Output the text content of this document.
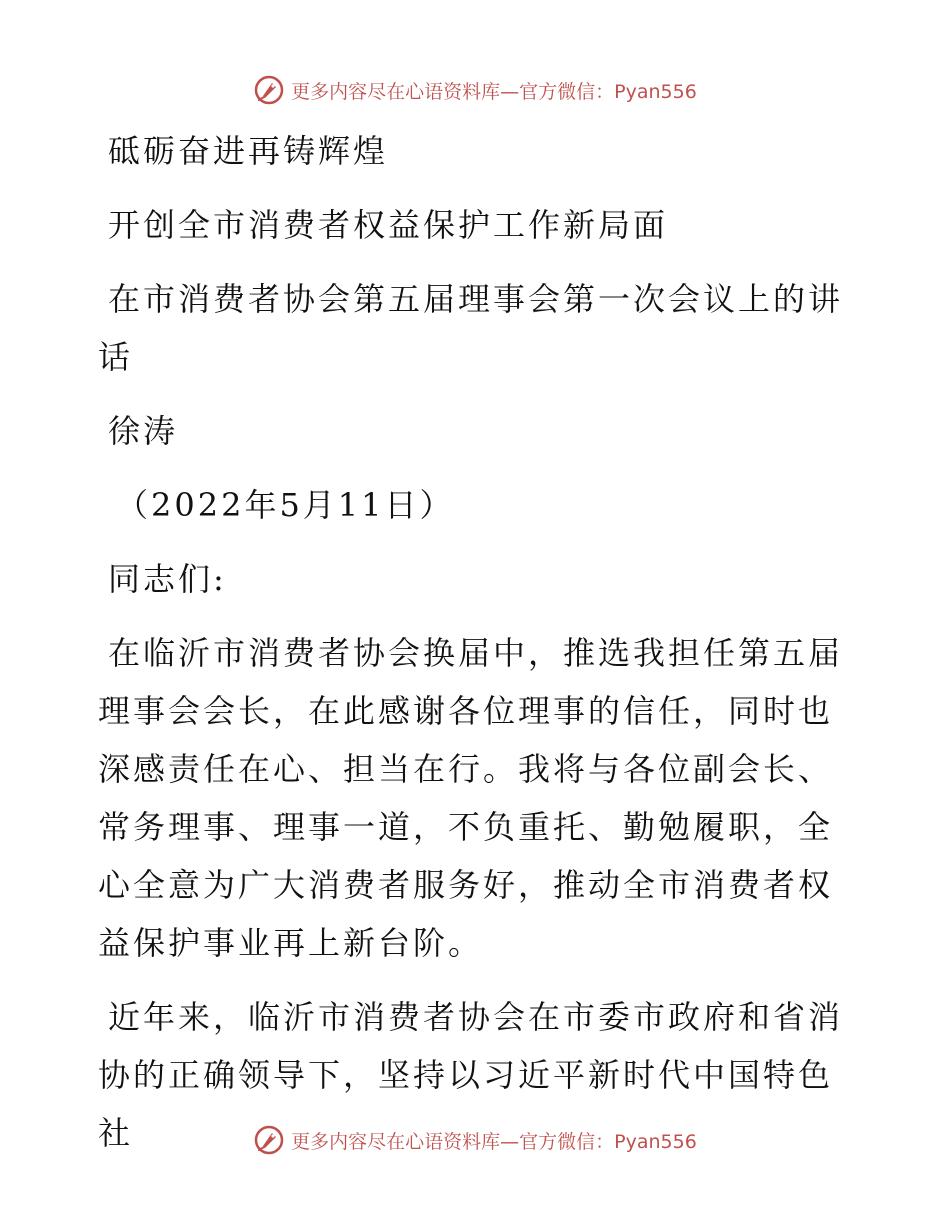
更多内容尽在心语资料库—官方微信：Pyan556

砥砺奋进再铸辉煌

开创全市消费者权益保护工作新局面

在市消费者协会第五届理事会第一次会议上的讲话

徐涛

（2022年5月11日）

同志们:

在临沂市消费者协会换届中，推选我担任第五届理事会会长，在此感谢各位理事的信任，同时也深感责任在心、担当在行。我将与各位副会长、常务理事、理事一道，不负重托、勤勉履职，全心全意为广大消费者服务好，推动全市消费者权益保护事业再上新台阶。

近年来，临沂市消费者协会在市委市政府和省消协的正确领导下，坚持以习近平新时代中国特色社	更多内容尽在心语资料库—官方微信：Pyan556
